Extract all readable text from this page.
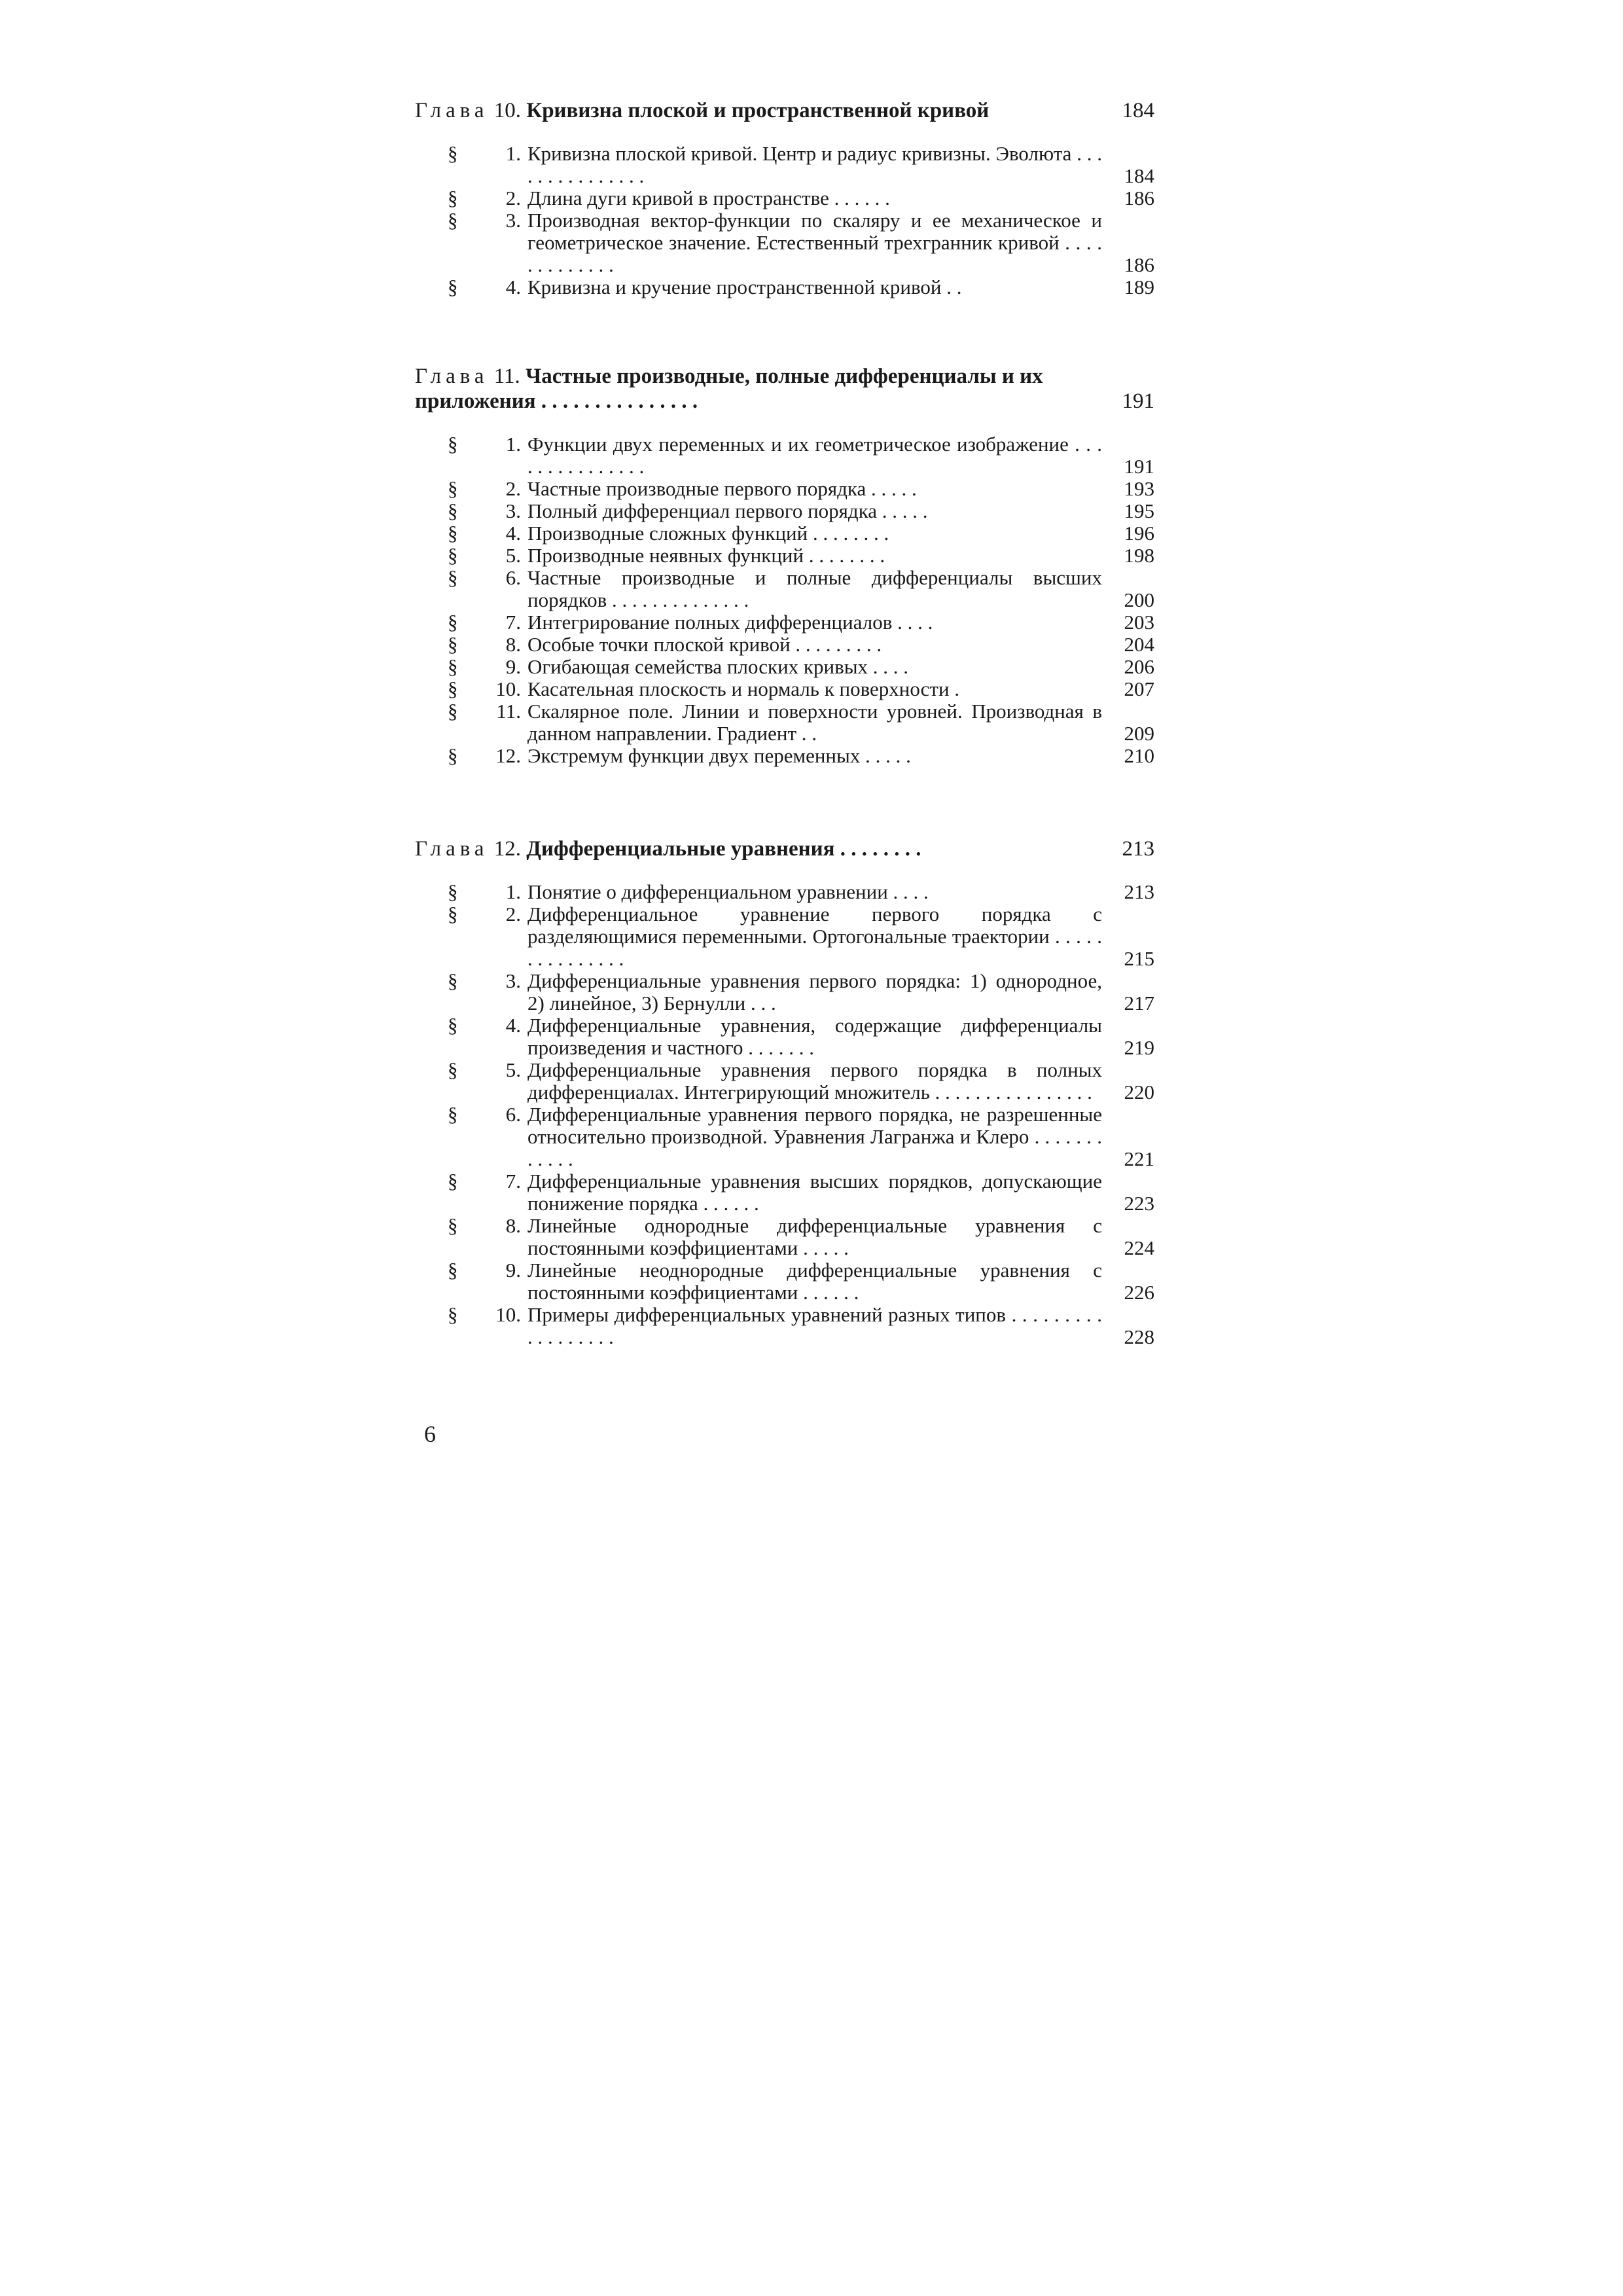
Глава 10. Кривизна плоской и пространственной кривой	184
§	1. Кривизна плоской кривой. Центр и радиус кривизны. Эволюта . . . . . . . . . . . . . . .	184
§	2. Длина дуги кривой в пространстве . . . . . .	186
§	3. Производная вектор-функции по скаляру и ее механическое и геометрическое значение. Естественный трехгранник кривой . . . . . . . . . . . . .	186
§	4. Кривизна и кручение пространственной кривой . .	189
Глава 11. Частные производные, полные дифференциалы и их приложения . . . . . . . . . . . . . . .	191
§	1. Функции двух переменных и их геометрическое изображение . . . . . . . . . . . . . . .	191
§	2. Частные производные первого порядка . . . . .	193
§	3. Полный дифференциал первого порядка . . . . .	195
§	4. Производные сложных функций . . . . . . . .	196
§	5. Производные неявных функций . . . . . . . .	198
§	6. Частные производные и полные дифференциалы высших порядков . . . . . . . . . . . . . .	200
§	7. Интегрирование полных дифференциалов . . . .	203
§	8. Особые точки плоской кривой . . . . . . . . .	204
§	9. Огибающая семейства плоских кривых . . . .	206
§	10. Касательная плоскость и нормаль к поверхности .	207
§	11. Скалярное поле. Линии и поверхности уровней. Производная в данном направлении. Градиент . .	209
§	12. Экстремум функции двух переменных . . . . .	210
Глава 12. Дифференциальные уравнения . . . . . . . .	213
§	1. Понятие о дифференциальном уравнении . . . .	213
§	2. Дифференциальное уравнение первого порядка с разделяющимися переменными. Ортогональные траектории . . . . . . . . . . . . . . .	215
§	3. Дифференциальные уравнения первого порядка: 1) однородное, 2) линейное, 3) Бернулли . . .	217
§	4. Дифференциальные уравнения, содержащие дифференциалы произведения и частного . . . . . . .	219
§	5. Дифференциальные уравнения первого порядка в полных дифференциалах. Интегрирующий множитель . . . . . . . . . . . . . . . .	220
§	6. Дифференциальные уравнения первого порядка, не разрешенные относительно производной. Уравнения Лагранжа и Клеро . . . . . . . . . . . .	221
§	7. Дифференциальные уравнения высших порядков, допускающие понижение порядка . . . . . .	223
§	8. Линейные однородные дифференциальные уравнения с постоянными коэффициентами . . . . .	224
§	9. Линейные неоднородные дифференциальные уравнения с постоянными коэффициентами . . . . . .	226
§	10. Примеры дифференциальных уравнений разных типов . . . . . . . . . . . . . . . . . .	228
6
